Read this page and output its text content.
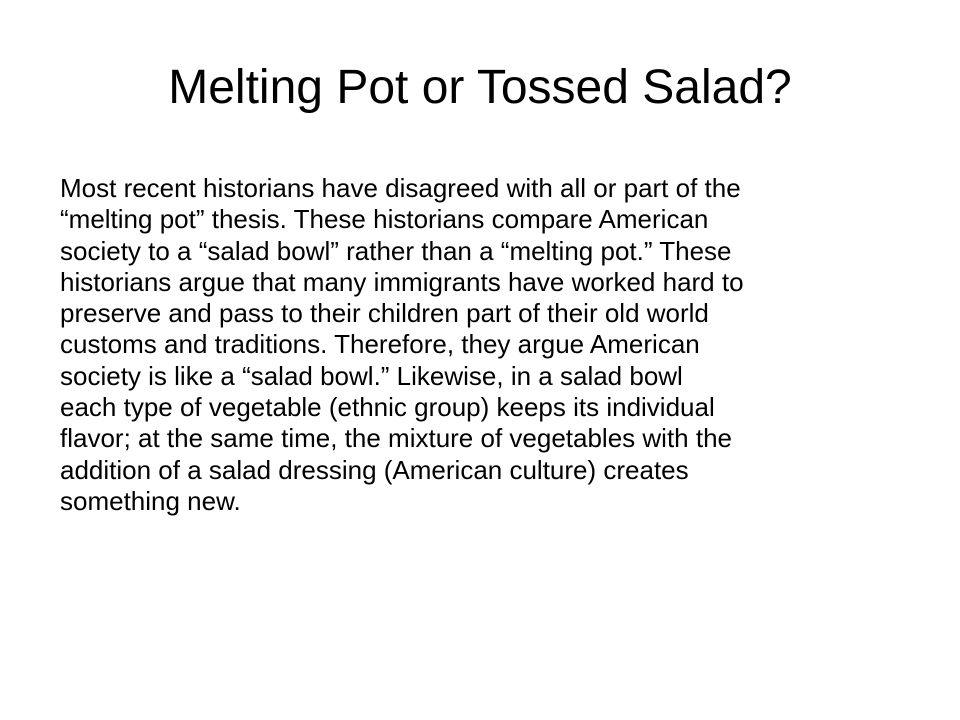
Melting Pot or Tossed Salad?
Most recent historians have disagreed with all or part of the
“melting pot” thesis. These historians compare American
society to a “salad bowl” rather than a “melting pot.” These
historians argue that many immigrants have worked hard to
preserve and pass to their children part of their old world
customs and traditions. Therefore, they argue American
society is like a “salad bowl.” Likewise, in a salad bowl
each type of vegetable (ethnic group) keeps its individual
flavor; at the same time, the mixture of vegetables with the
addition of a salad dressing (American culture) creates
something new.
